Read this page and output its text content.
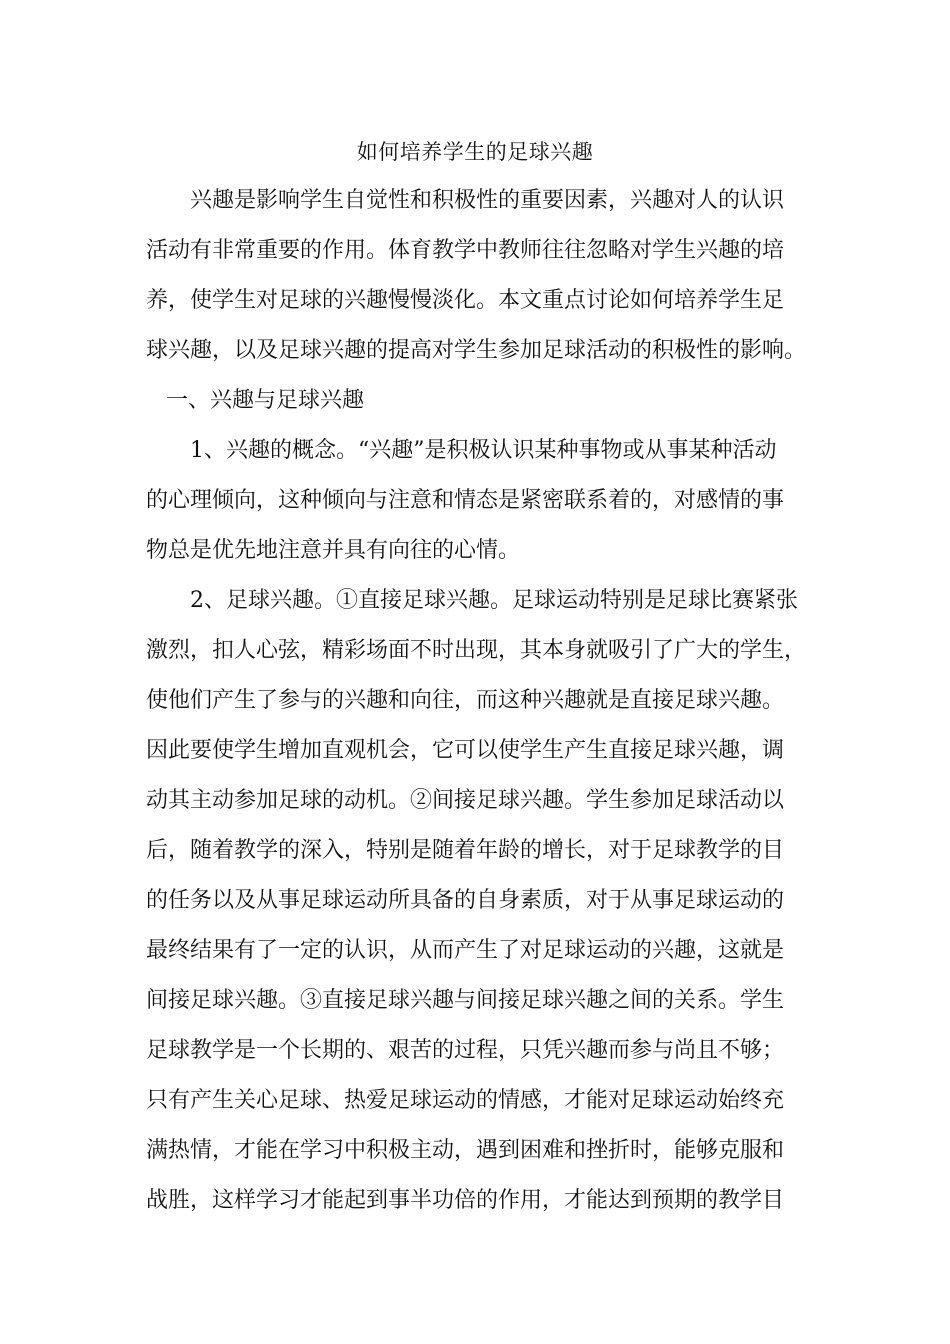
如何培养学生的足球兴趣
兴趣是影响学生自觉性和积极性的重要因素，兴趣对人的认识
活动有非常重要的作用。体育教学中教师往往忽略对学生兴趣的培
养，使学生对足球的兴趣慢慢淡化。本文重点讨论如何培养学生足
球兴趣，以及足球兴趣的提高对学生参加足球活动的积极性的影响。
一、兴趣与足球兴趣
1、兴趣的概念。“兴趣”是积极认识某种事物或从事某种活动
的心理倾向，这种倾向与注意和情态是紧密联系着的，对感情的事
物总是优先地注意并具有向往的心情。
2、足球兴趣。①直接足球兴趣。足球运动特别是足球比赛紧张
激烈，扣人心弦，精彩场面不时出现，其本身就吸引了广大的学生，
使他们产生了参与的兴趣和向往，而这种兴趣就是直接足球兴趣。
因此要使学生增加直观机会，它可以使学生产生直接足球兴趣，调
动其主动参加足球的动机。②间接足球兴趣。学生参加足球活动以
后，随着教学的深入，特别是随着年龄的增长，对于足球教学的目
的任务以及从事足球运动所具备的自身素质，对于从事足球运动的
最终结果有了一定的认识，从而产生了对足球运动的兴趣，这就是
间接足球兴趣。③直接足球兴趣与间接足球兴趣之间的关系。学生
足球教学是一个长期的、艰苦的过程，只凭兴趣而参与尚且不够；
只有产生关心足球、热爱足球运动的情感，才能对足球运动始终充
满热情，才能在学习中积极主动，遇到困难和挫折时，能够克服和
战胜，这样学习才能起到事半功倍的作用，才能达到预期的教学目
